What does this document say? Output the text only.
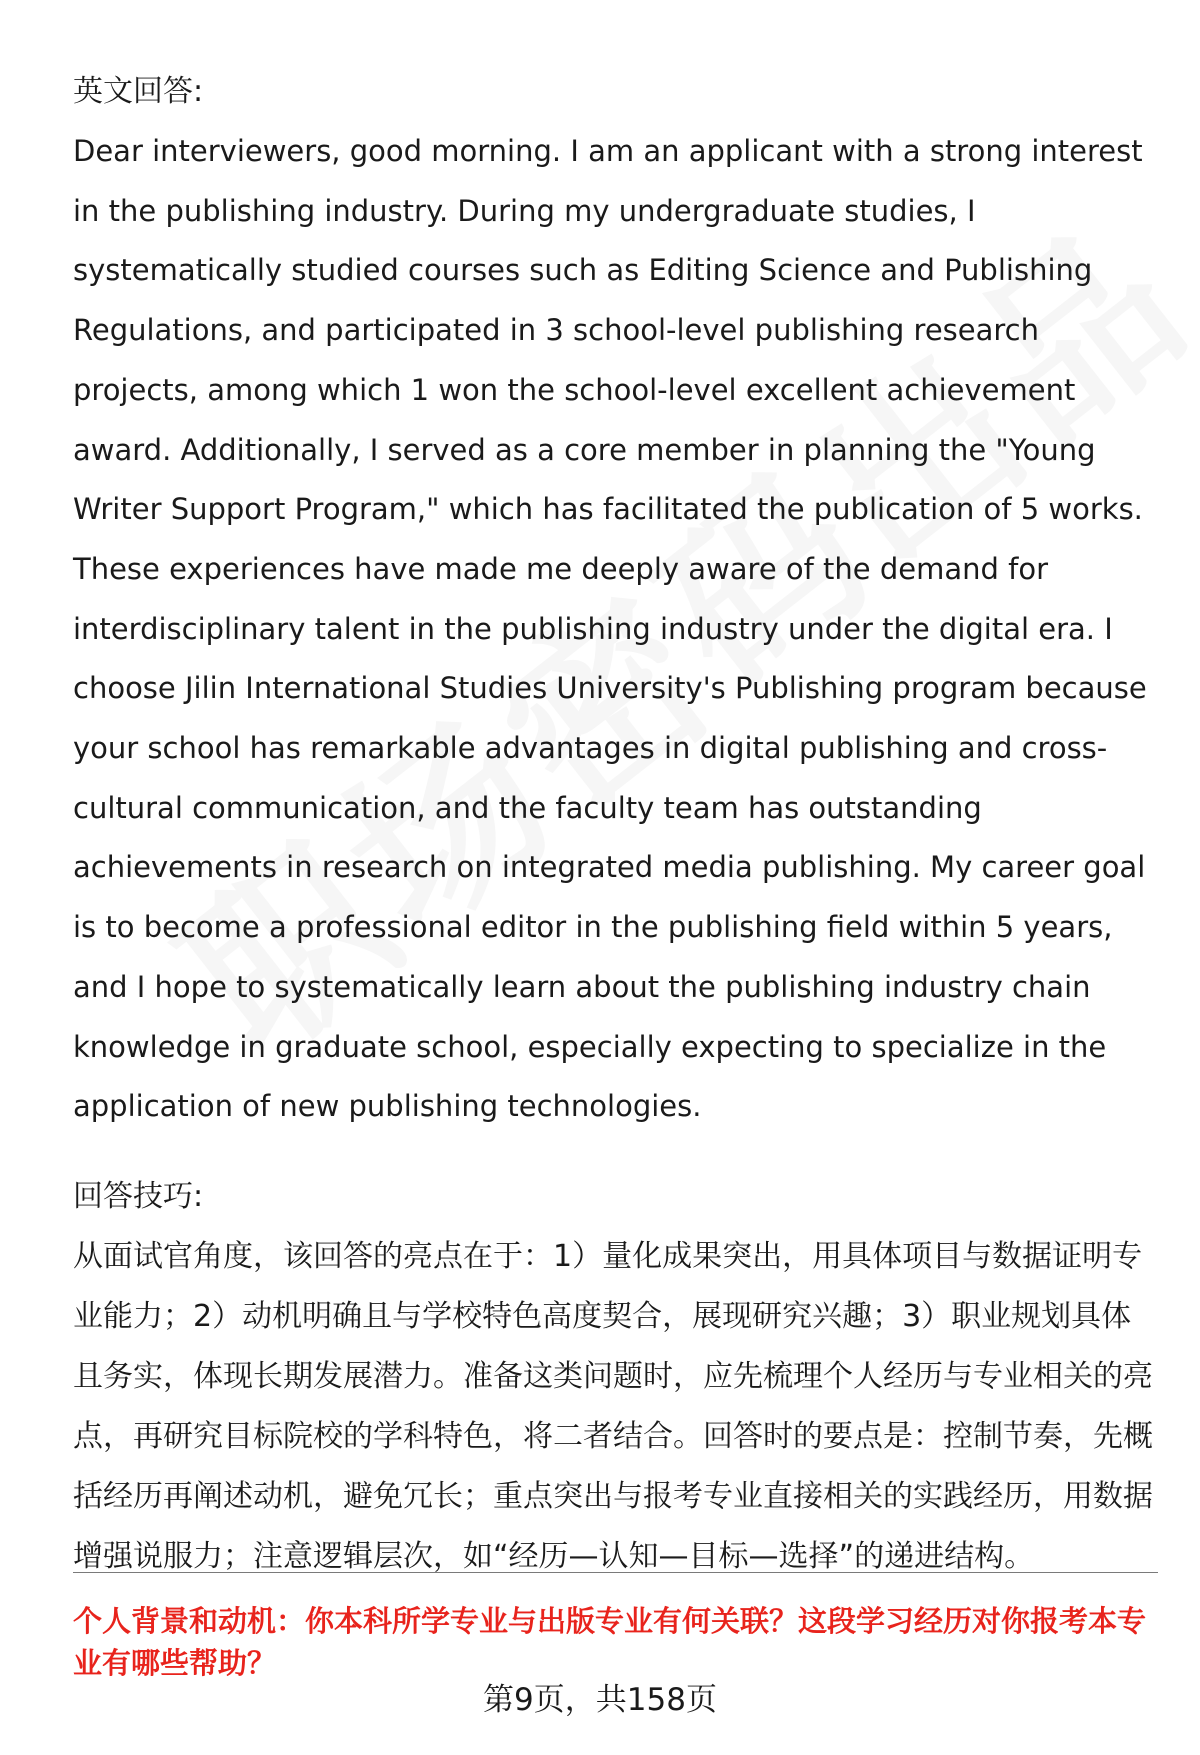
英文回答:

Dear interviewers, good morning. I am an applicant with a strong interest in the publishing industry. During my undergraduate studies, I systematically studied courses such as Editing Science and Publishing Regulations, and participated in 3 school-level publishing research projects, among which 1 won the school-level excellent achievement award. Additionally, I served as a core member in planning the "Young Writer Support Program," which has facilitated the publication of 5 works. These experiences have made me deeply aware of the demand for interdisciplinary talent in the publishing industry under the digital era. I choose Jilin International Studies University's Publishing program because your school has remarkable advantages in digital publishing and cross-cultural communication, and the faculty team has outstanding achievements in research on integrated media publishing. My career goal is to become a professional editor in the publishing field within 5 years, and I hope to systematically learn about the publishing industry chain knowledge in graduate school, especially expecting to specialize in the application of new publishing technologies.

回答技巧:

从面试官角度，该回答的亮点在于：1）量化成果突出，用具体项目与数据证明专业能力；2）动机明确且与学校特色高度契合，展现研究兴趣；3）职业规划具体且务实，体现长期发展潜力。准备这类问题时，应先梳理个人经历与专业相关的亮点，再研究目标院校的学科特色，将二者结合。回答时的要点是：控制节奏，先概括经历再阐述动机，避免冗长；重点突出与报考专业直接相关的实践经历，用数据增强说服力；注意逻辑层次，如“经历—认知—目标—选择”的递进结构。

个人背景和动机：你本科所学专业与出版专业有何关联？这段学习经历对你报考本专业有哪些帮助？

第9页，共158页
